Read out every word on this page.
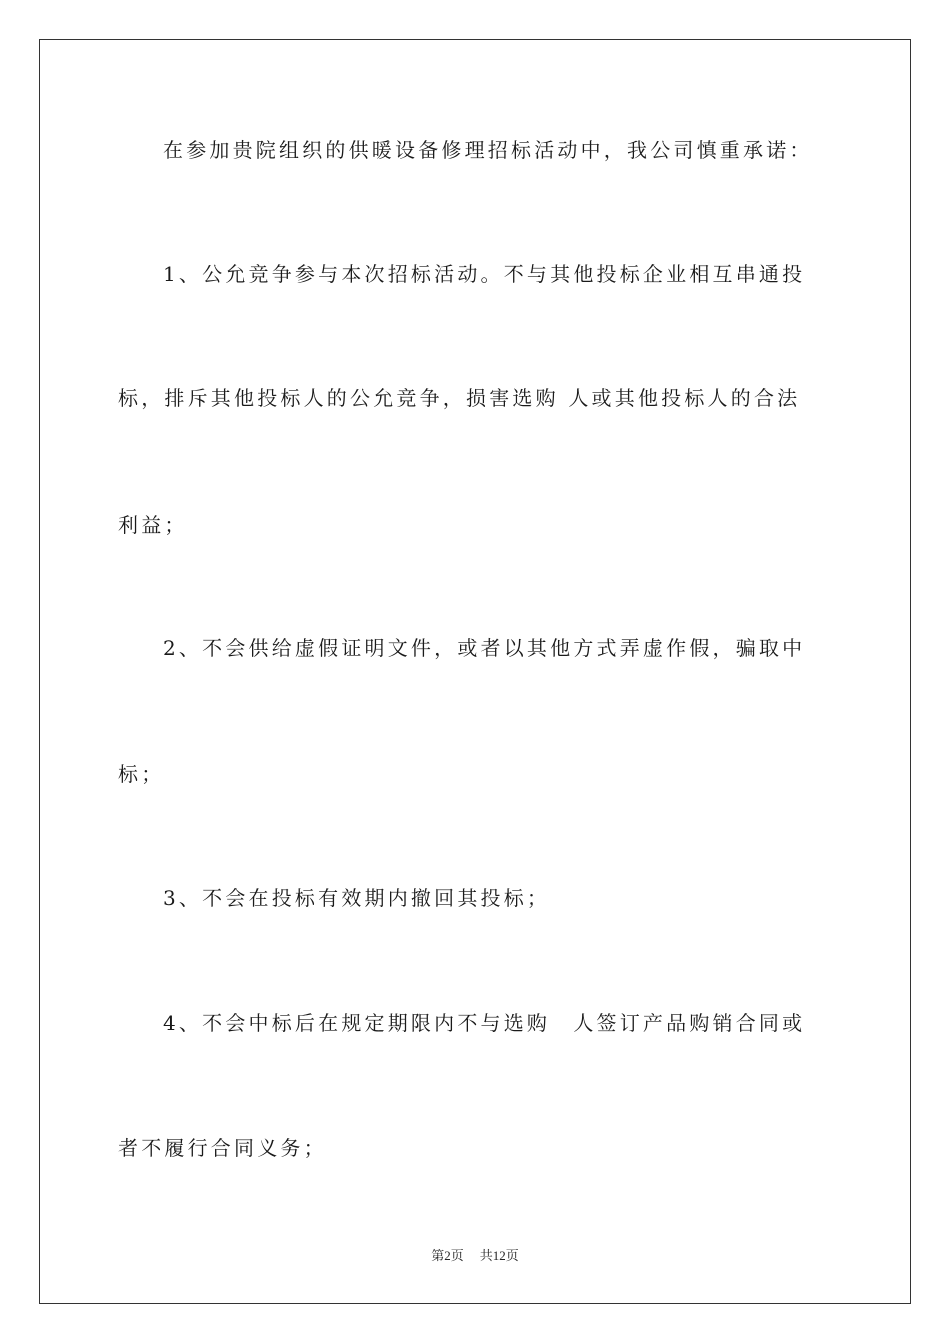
在参加贵院组织的供暖设备修理招标活动中，我公司慎重承诺：
1、公允竞争参与本次招标活动。不与其他投标企业相互串通投
标，排斥其他投标人的公允竞争，损害选购 人或其他投标人的合法
利益；
2、不会供给虚假证明文件，或者以其他方式弄虚作假，骗取中
标；
3、不会在投标有效期内撤回其投标；
4、不会中标后在规定期限内不与选购　人签订产品购销合同或
者不履行合同义务；
第2页 共12页
